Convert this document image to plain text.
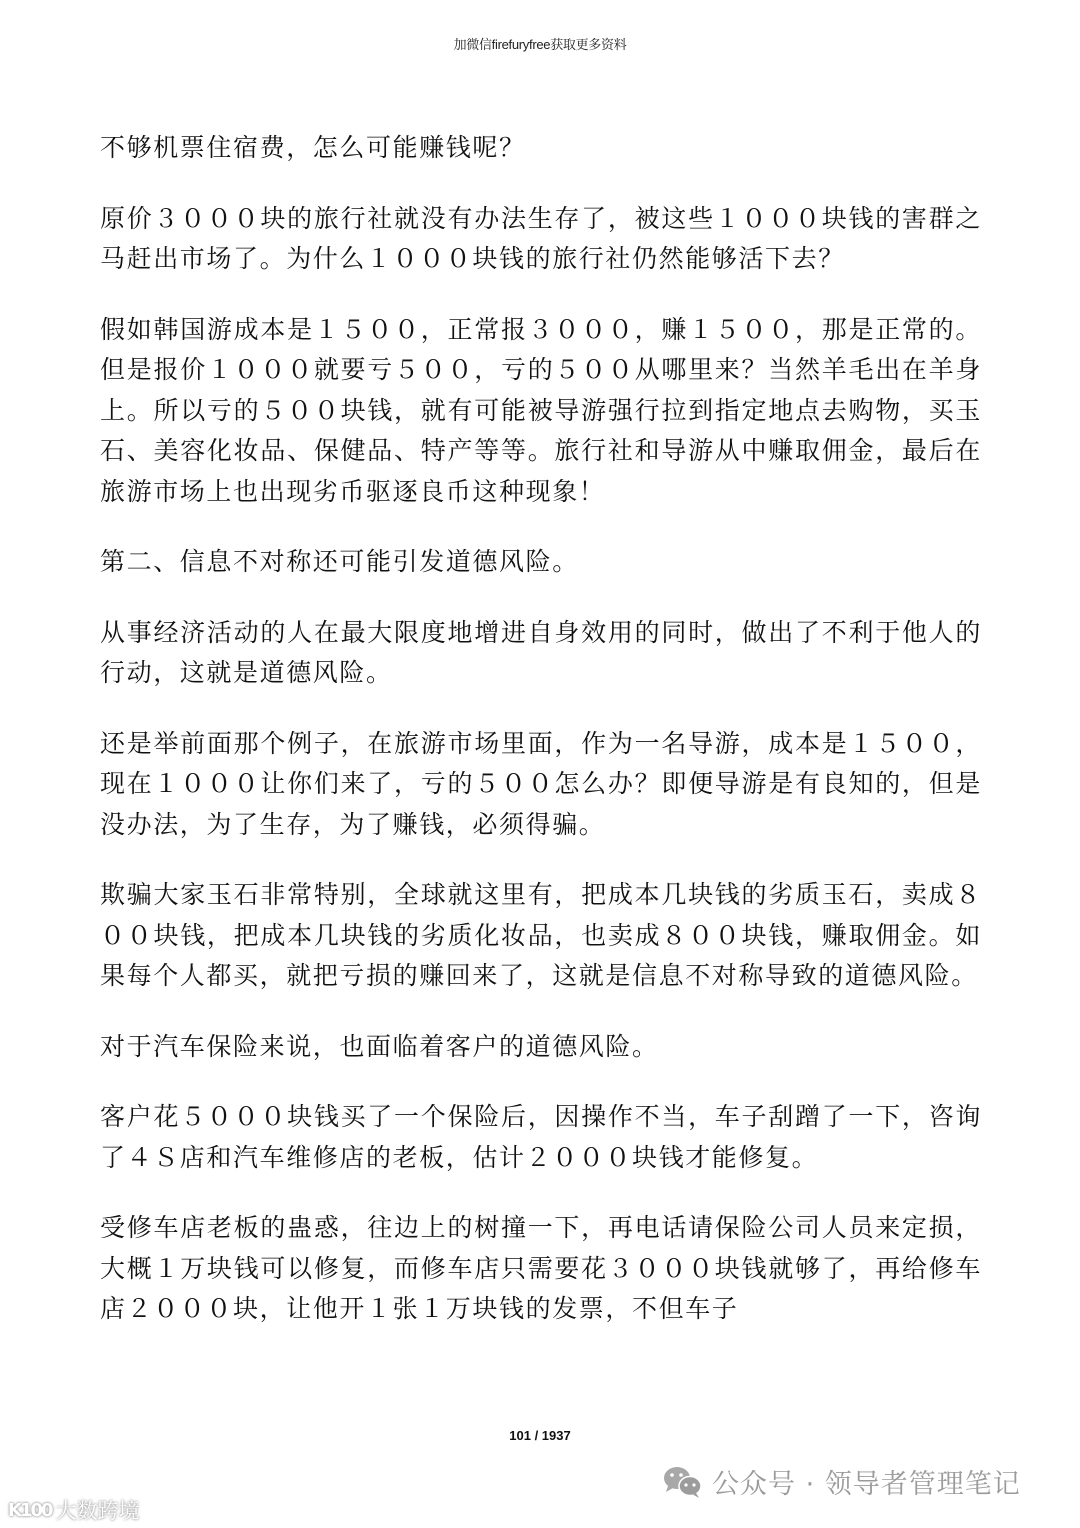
加微信firefuryfree获取更多资料

不够机票住宿费，怎么可能赚钱呢？

原价３０００块的旅行社就没有办法生存了，被这些１０００块钱的害群之马赶出市场了。为什么１０００块钱的旅行社仍然能够活下去？

假如韩国游成本是１５００，正常报３０００，赚１５００，那是正常的。但是报价１０００就要亏５００，亏的５００从哪里来？当然羊毛出在羊身上。所以亏的５００块钱，就有可能被导游强行拉到指定地点去购物，买玉石、美容化妆品、保健品、特产等等。旅行社和导游从中赚取佣金，最后在旅游市场上也出现劣币驱逐良币这种现象！

第二、信息不对称还可能引发道德风险。

从事经济活动的人在最大限度地增进自身效用的同时，做出了不利于他人的行动，这就是道德风险。

还是举前面那个例子，在旅游市场里面，作为一名导游，成本是１５００，现在１０００让你们来了，亏的５００怎么办？即便导游是有良知的，但是没办法，为了生存，为了赚钱，必须得骗。

欺骗大家玉石非常特别，全球就这里有，把成本几块钱的劣质玉石，卖成８００块钱，把成本几块钱的劣质化妆品，也卖成８００块钱，赚取佣金。如果每个人都买，就把亏损的赚回来了，这就是信息不对称导致的道德风险。

对于汽车保险来说，也面临着客户的道德风险。

客户花５０００块钱买了一个保险后，因操作不当，车子刮蹭了一下，咨询了４Ｓ店和汽车维修店的老板，估计２０００块钱才能修复。

受修车店老板的蛊惑，往边上的树撞一下，再电话请保险公司人员来定损，大概１万块钱可以修复，而修车店只需要花３０００块钱就够了，再给修车店２０００块，让他开１张１万块钱的发票，不但车子

101 / 1937
K100 大数跨境
公众号 · 领导者管理笔记
